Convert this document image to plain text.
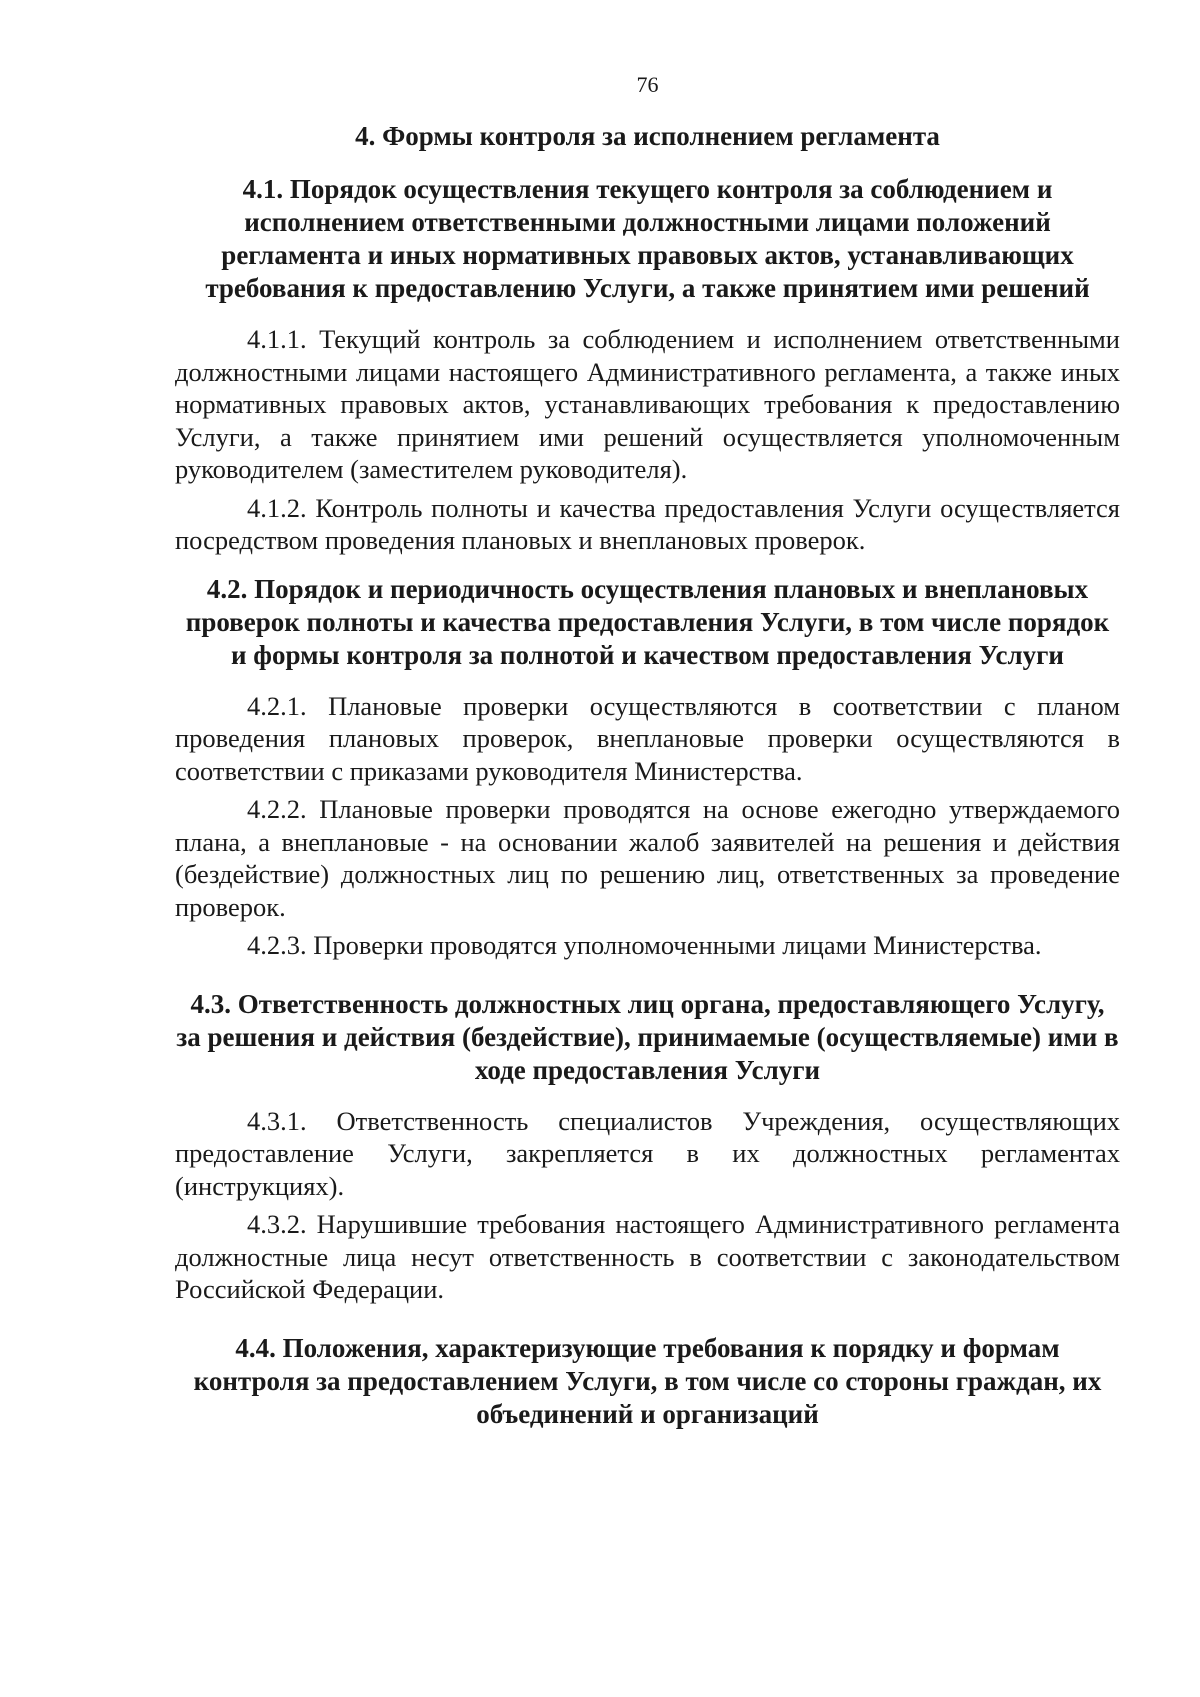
76
4. Формы контроля за исполнением регламента
4.1. Порядок осуществления текущего контроля за соблюдением и исполнением ответственными должностными лицами положений регламента и иных нормативных правовых актов, устанавливающих требования к предоставлению Услуги, а также принятием ими решений

4.1.1. Текущий контроль за соблюдением и исполнением ответственными должностными лицами настоящего Административного регламента, а также иных нормативных правовых актов, устанавливающих требования к предоставлению Услуги, а также принятием ими решений осуществляется уполномоченным руководителем (заместителем руководителя).

4.1.2. Контроль полноты и качества предоставления Услуги осуществляется посредством проведения плановых и внеплановых проверок.

4.2. Порядок и периодичность осуществления плановых и внеплановых проверок полноты и качества предоставления Услуги, в том числе порядок и формы контроля за полнотой и качеством предоставления Услуги

4.2.1. Плановые проверки осуществляются в соответствии с планом проведения плановых проверок, внеплановые проверки осуществляются в соответствии с приказами руководителя Министерства.

4.2.2. Плановые проверки проводятся на основе ежегодно утверждаемого плана, а внеплановые - на основании жалоб заявителей на решения и действия (бездействие) должностных лиц по решению лиц, ответственных за проведение проверок.

4.2.3. Проверки проводятся уполномоченными лицами Министерства.

4.3. Ответственность должностных лиц органа, предоставляющего Услугу, за решения и действия (бездействие), принимаемые (осуществляемые) ими в ходе предоставления Услуги

4.3.1. Ответственность специалистов Учреждения, осуществляющих предоставление Услуги, закрепляется в их должностных регламентах (инструкциях).

4.3.2. Нарушившие требования настоящего Административного регламента должностные лица несут ответственность в соответствии с законодательством Российской Федерации.

4.4. Положения, характеризующие требования к порядку и формам контроля за предоставлением Услуги, в том числе со стороны граждан, их объединений и организаций
